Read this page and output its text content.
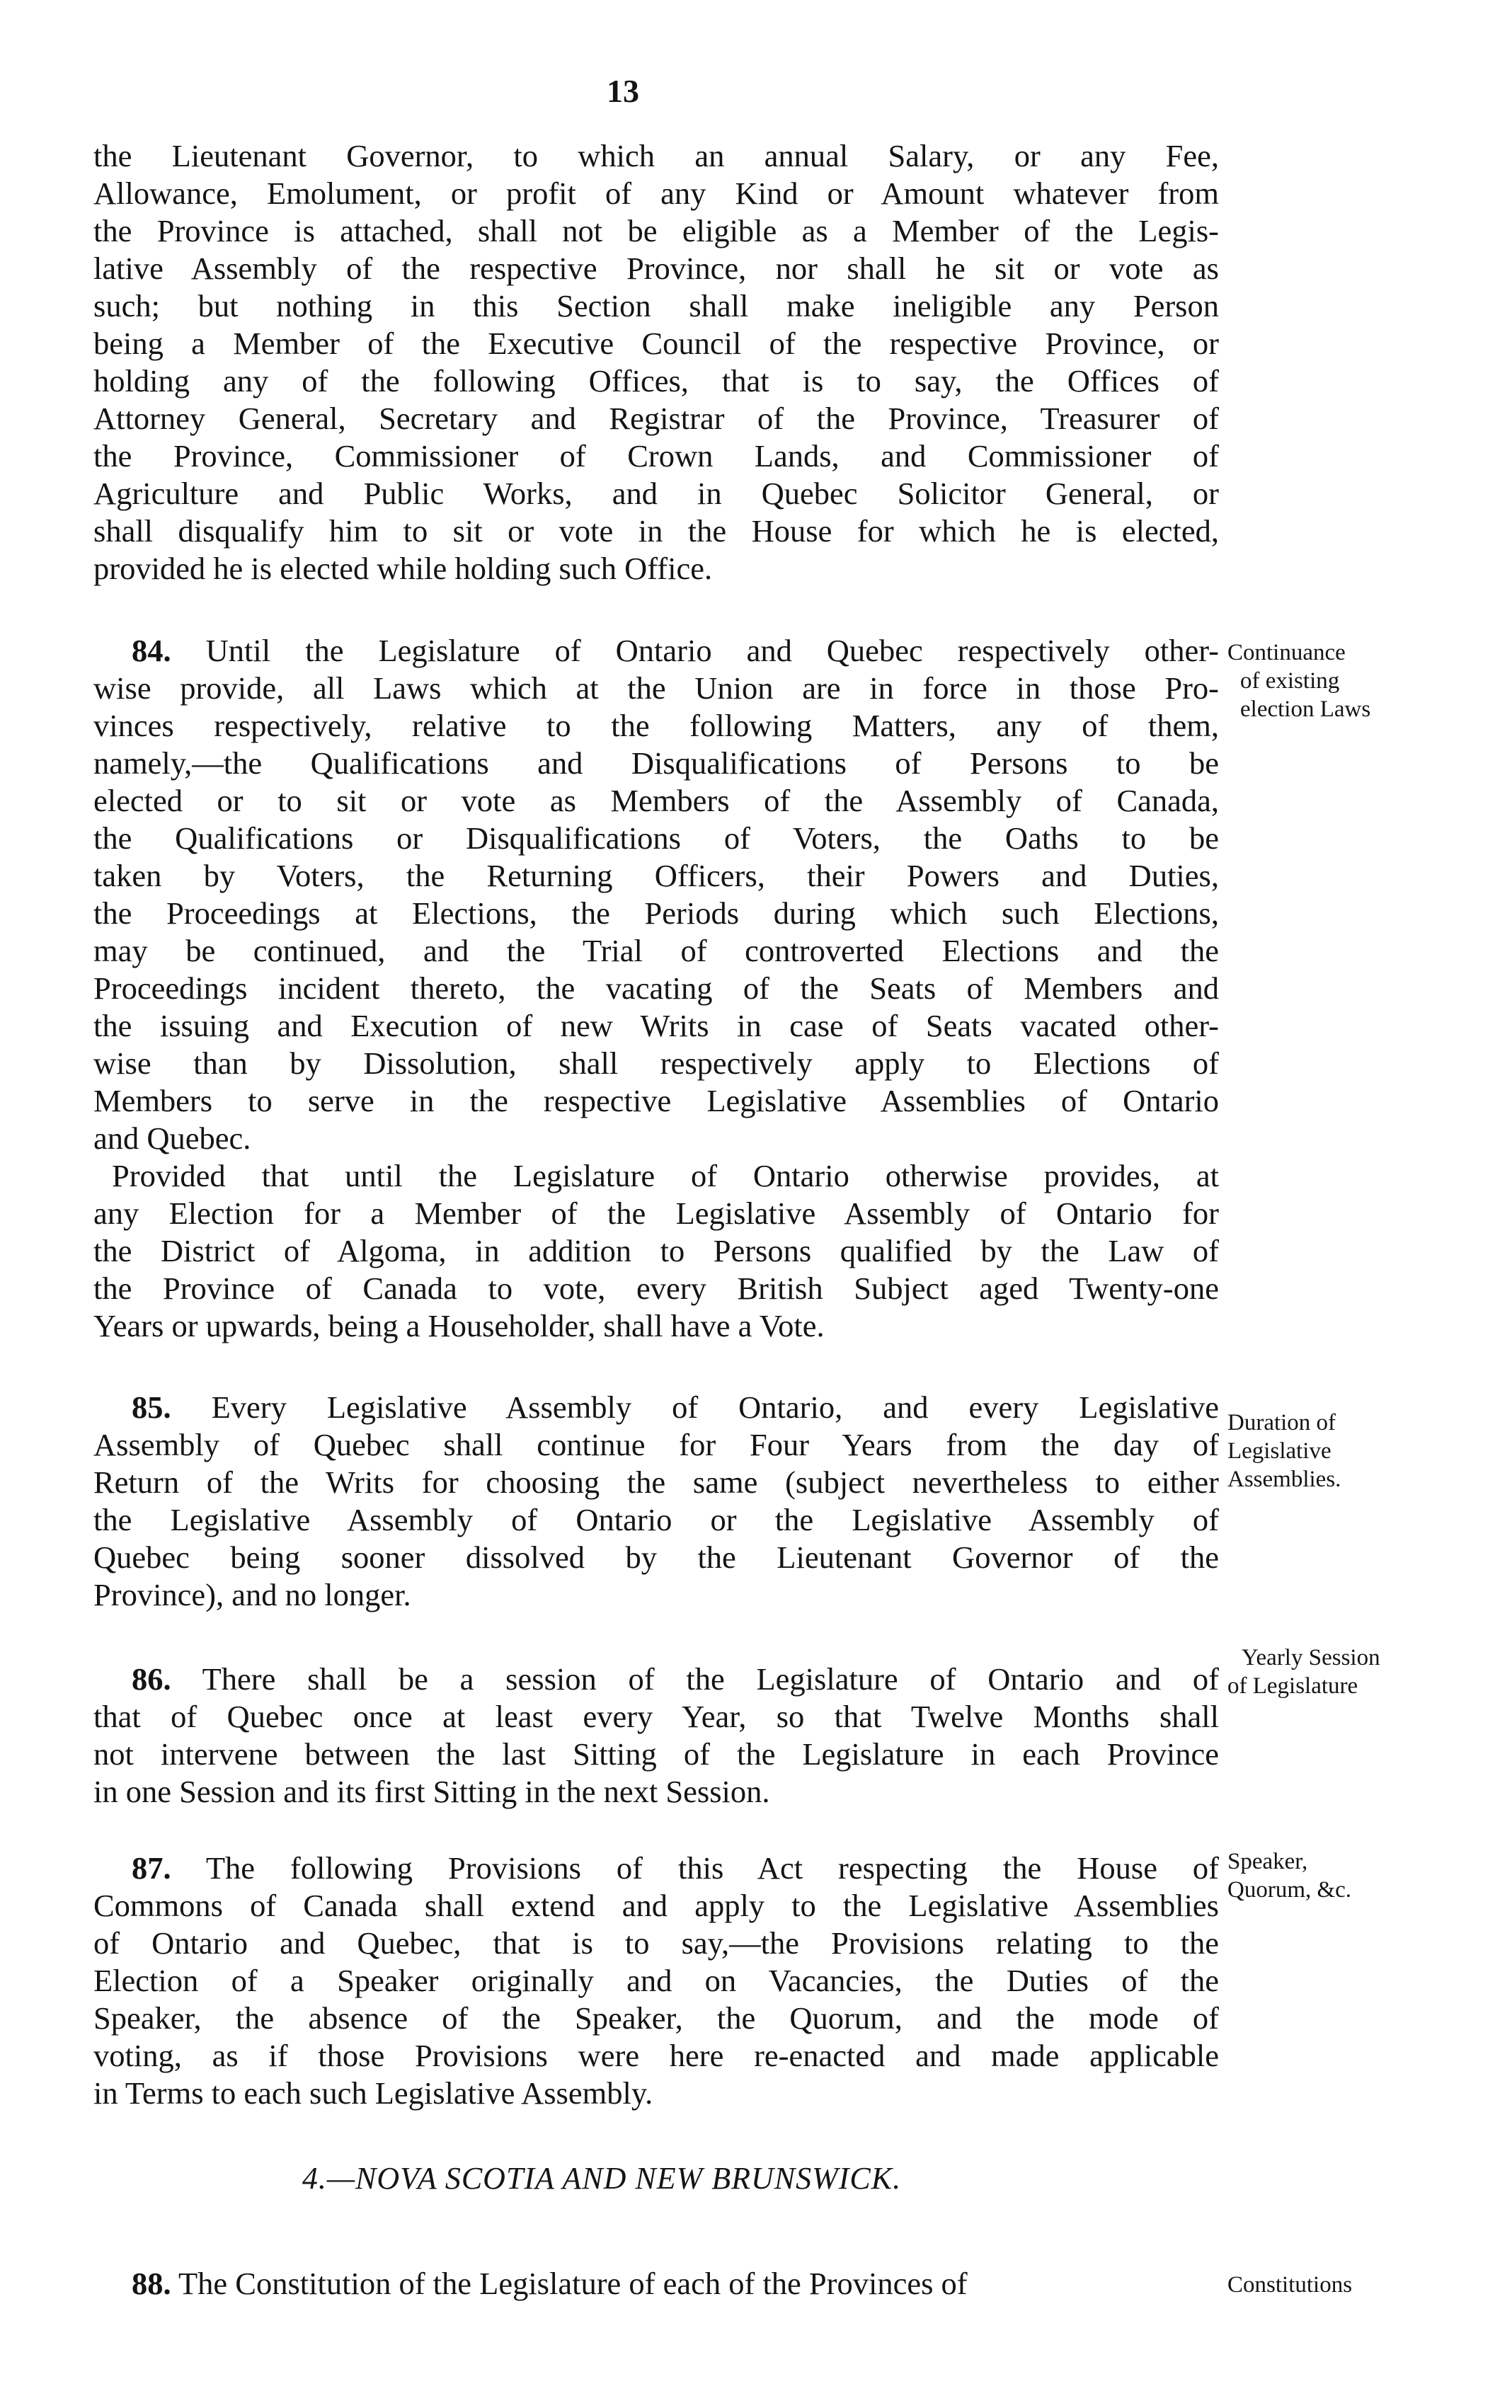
13
the Lieutenant Governor, to which an annual Salary, or any Fee,
Allowance, Emolument, or profit of any Kind or Amount whatever from
the Province is attached, shall not be eligible as a Member of the Legis-
lative Assembly of the respective Province, nor shall he sit or vote as
such; but nothing in this Section shall make ineligible any Person
being a Member of the Executive Council of the respective Province, or
holding any of the following Offices, that is to say, the Offices of
Attorney General, Secretary and Registrar of the Province, Treasurer of
the Province, Commissioner of Crown Lands, and Commissioner of
Agriculture and Public Works, and in Quebec Solicitor General, or
shall disqualify him to sit or vote in the House for which he is elected,
provided he is elected while holding such Office.
84. Until the Legislature of Ontario and Quebec respectively other-
wise provide, all Laws which at the Union are in force in those Pro-
vinces respectively, relative to the following Matters, any of them,
namely,—the Qualifications and Disqualifications of Persons to be
elected or to sit or vote as Members of the Assembly of Canada,
the Qualifications or Disqualifications of Voters, the Oaths to be
taken by Voters, the Returning Officers, their Powers and Duties,
the Proceedings at Elections, the Periods during which such Elections,
may be continued, and the Trial of controverted Elections and the
Proceedings incident thereto, the vacating of the Seats of Members and
the issuing and Execution of new Writs in case of Seats vacated other-
wise than by Dissolution, shall respectively apply to Elections of
Members to serve in the respective Legislative Assemblies of Ontario
and Quebec.
Provided that until the Legislature of Ontario otherwise provides, at
any Election for a Member of the Legislative Assembly of Ontario for
the District of Algoma, in addition to Persons qualified by the Law of
the Province of Canada to vote, every British Subject aged Twenty-one
Years or upwards, being a Householder, shall have a Vote.
Continuance
of existing
election Laws
85. Every Legislative Assembly of Ontario, and every Legislative
Assembly of Quebec shall continue for Four Years from the day of
Return of the Writs for choosing the same (subject nevertheless to either
the Legislative Assembly of Ontario or the Legislative Assembly of
Quebec being sooner dissolved by the Lieutenant Governor of the
Province), and no longer.
Duration of
Legislative
Assemblies.
86. There shall be a session of the Legislature of Ontario and of
that of Quebec once at least every Year, so that Twelve Months shall
not intervene between the last Sitting of the Legislature in each Province
in one Session and its first Sitting in the next Session.
Yearly Session
of Legislature
87. The following Provisions of this Act respecting the House of
Commons of Canada shall extend and apply to the Legislative Assemblies
of Ontario and Quebec, that is to say,—the Provisions relating to the
Election of a Speaker originally and on Vacancies, the Duties of the
Speaker, the absence of the Speaker, the Quorum, and the mode of
voting, as if those Provisions were here re-enacted and made applicable
in Terms to each such Legislative Assembly.
Speaker,
Quorum, &c.
4.—NOVA SCOTIA AND NEW BRUNSWICK.
88. The Constitution of the Legislature of each of the Provinces of	Constitutions
